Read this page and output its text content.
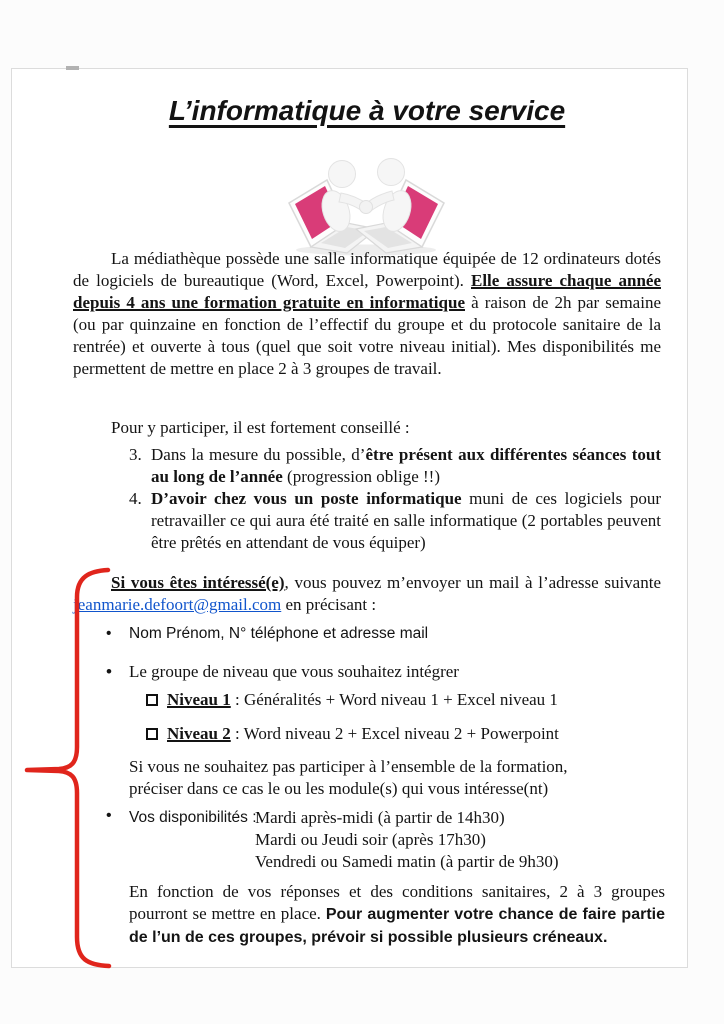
L’informatique à votre service

La médiathèque possède une salle informatique équipée de 12 ordinateurs dotés de logiciels de bureautique (Word, Excel, Powerpoint). Elle assure chaque année depuis 4 ans une formation gratuite en informatique à raison de 2h par semaine (ou par quinzaine en fonction de l’effectif du groupe et du protocole sanitaire de la rentrée) et ouverte à tous (quel que soit votre niveau initial). Mes disponibilités me permettent de mettre en place 2 à 3 groupes de travail.

Pour y participer, il est fortement conseillé :

3. Dans la mesure du possible, d’être présent aux différentes séances tout au long de l’année (progression oblige !!)
4. D’avoir chez vous un poste informatique muni de ces logiciels pour retravailler ce qui aura été traité en salle informatique (2 portables peuvent être prêtés en attendant de vous équiper)

Si vous êtes intéressé(e), vous pouvez m’envoyer un mail à l’adresse suivante jeanmarie.defoort@gmail.com en précisant :

•	Nom Prénom, N° téléphone et adresse mail
•	Le groupe de niveau que vous souhaitez intégrer
Niveau 1 : Généralités + Word niveau 1 + Excel niveau 1
Niveau 2 : Word niveau 2 + Excel niveau 2 + Powerpoint

Si vous ne souhaitez pas participer à l’ensemble de la formation, préciser dans ce cas le ou les module(s) qui vous intéresse(nt)

•	Vos disponibilités :
Mardi après-midi (à partir de 14h30)
Mardi ou Jeudi soir (après 17h30)
Vendredi ou Samedi matin (à partir de 9h30)

En fonction de vos réponses et des conditions sanitaires, 2 à 3 groupes pourront se mettre en place. Pour augmenter votre chance de faire partie de l’un de ces groupes, prévoir si possible plusieurs créneaux.
